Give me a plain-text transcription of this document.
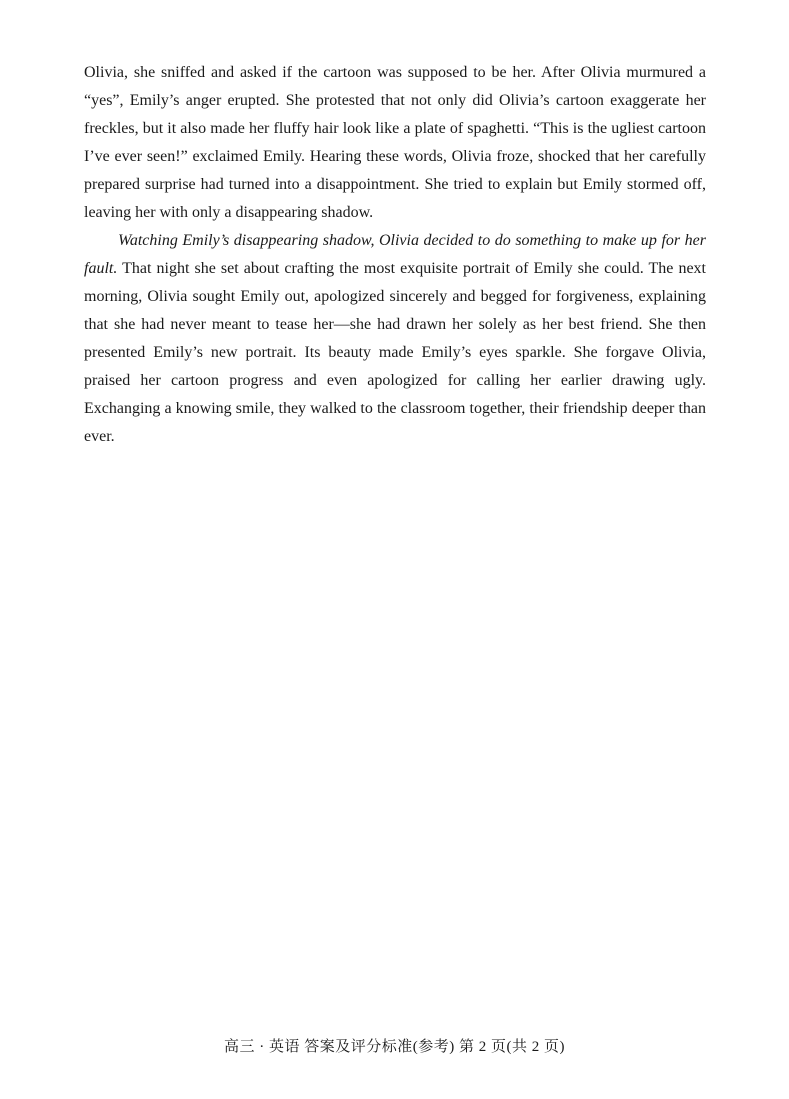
Olivia, she sniffed and asked if the cartoon was supposed to be her. After Olivia murmured a “yes”, Emily’s anger erupted. She protested that not only did Olivia’s cartoon exaggerate her freckles, but it also made her fluffy hair look like a plate of spaghetti. “This is the ugliest cartoon I’ve ever seen!” exclaimed Emily. Hearing these words, Olivia froze, shocked that her carefully prepared surprise had turned into a disappointment. She tried to explain but Emily stormed off, leaving her with only a disappearing shadow.

Watching Emily’s disappearing shadow, Olivia decided to do something to make up for her fault. That night she set about crafting the most exquisite portrait of Emily she could. The next morning, Olivia sought Emily out, apologized sincerely and begged for forgiveness, explaining that she had never meant to tease her—she had drawn her solely as her best friend. She then presented Emily’s new portrait. Its beauty made Emily’s eyes sparkle. She forgave Olivia, praised her cartoon progress and even apologized for calling her earlier drawing ugly. Exchanging a knowing smile, they walked to the classroom together, their friendship deeper than ever.

高三 · 英语 答案及评分标准(参考) 第 2 页(共 2 页)
